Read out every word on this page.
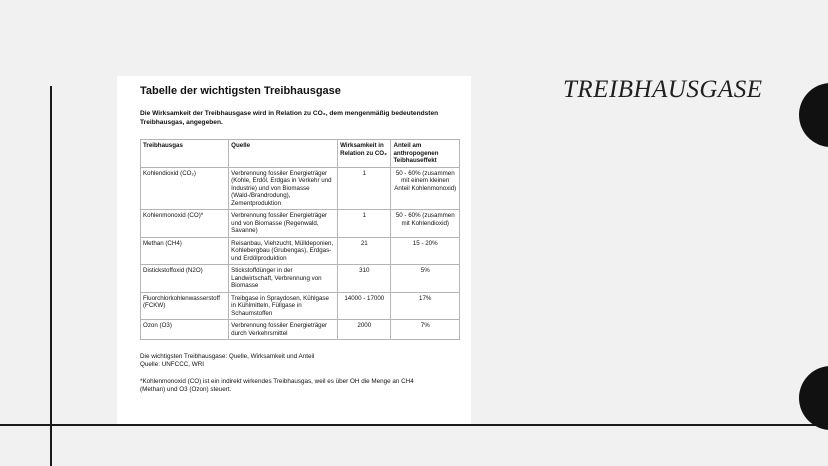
TREIBHAUSGASE
Tabelle der wichtigsten Treibhausgase
Die Wirksamkeit der Treibhausgase wird in Relation zu CO₂, dem mengenmäßig bedeutendsten Treibhausgas, angegeben.
Treibhausgas	Quelle	Wirksamkeit in Relation zu CO₂	Anteil am anthropogenen Teibhauseffekt
Kohlendioxid (CO₂)	Verbrennung fossiler Energieträger (Kohle, Erdöl, Erdgas in Verkehr und Industrie) und von Biomasse (Wald-/Brandrodung), Zementproduktion	1	50 - 60% (zusammen mit einem kleinen Anteil Kohlenmonoxid)
Kohlenmonoxid (CO)*	Verbrennung fossiler Energieträger und von Biomasse (Regenwald, Savanne)	1	50 - 60% (zusammen mit Kohlendioxid)
Methan (CH4)	Reisanbau, Viehzucht, Mülldeponien, Kohlebergbau (Grubengas), Erdgas- und Erdölproduktion	21	15 - 20%
Distickstoffoxid (N2O)	Stickstoffdünger in der Landwirtschaft, Verbrennung von Biomasse	310	5%
Fluorchlorkohlenwasserstoff (FCKW)	Treibgase in Spraydosen, Kühlgase in Kühlmitteln, Füllgase in Schaumstoffen	14000 - 17000	17%
Ozon (O3)	Verbrennung fossiler Energieträger durch Verkehrsmittel	2000	7%
Die wichtigsten Treibhausgase: Quelle, Wirksamkeit und Anteil
Quelle: UNFCCC, WRI
*Kohlenmonoxid (CO) ist ein indirekt wirkendes Treibhausgas, weil es über OH die Menge an CH4 (Methan) und O3 (Ozon) steuert.
